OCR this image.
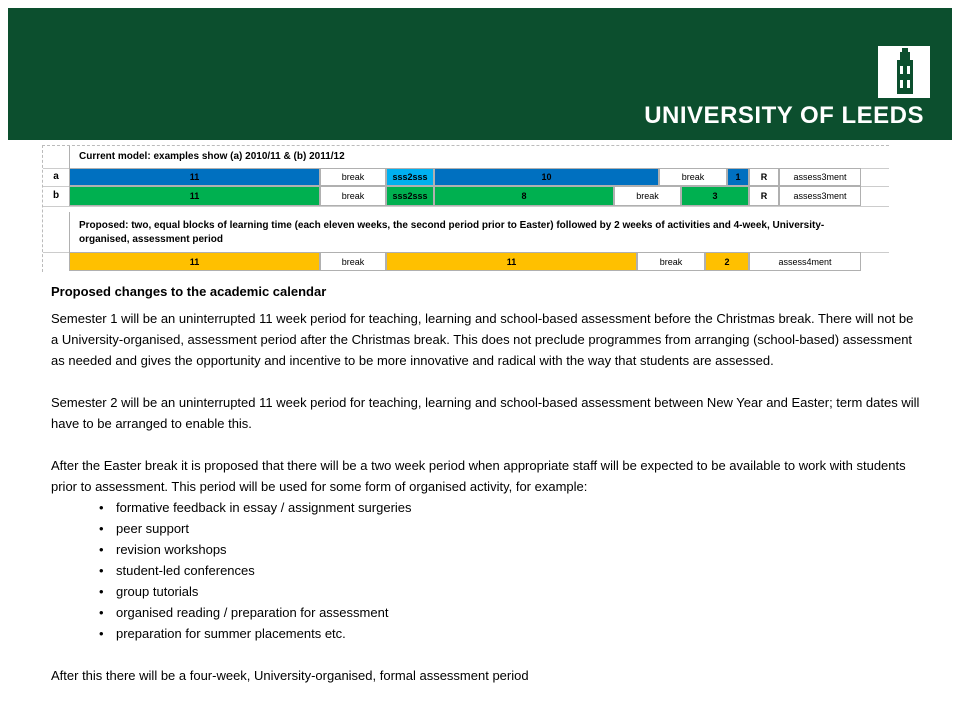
UNIVERSITY OF LEEDS
Current model: examples show (a) 2010/11 & (b) 2011/12
a	11	break	sss2sss	10	break	1	R	assess3ment
b	11	break	sss2sss	8	break	3	R	assess3ment
Proposed: two, equal blocks of learning time (each eleven weeks, the second period prior to Easter) followed by 2 weeks of activities and 4-week, University-organised, assessment period
11	break	11	break	2	assess4ment
Proposed changes to the academic calendar

Semester 1 will be an uninterrupted 11 week period for teaching, learning and school-based assessment before the Christmas break. There will not be a University-organised, assessment period after the Christmas break. This does not preclude programmes from arranging (school-based) assessment as needed and gives the opportunity and incentive to be more innovative and radical with the way that students are assessed.

Semester 2 will be an uninterrupted 11 week period for teaching, learning and school-based assessment between New Year and Easter; term dates will have to be arranged to enable this.

After the Easter break it is proposed that there will be a two week period when appropriate staff will be expected to be available to work with students prior to assessment. This period will be used for some form of organised activity, for example:

• formative feedback in essay / assignment surgeries
• peer support
• revision workshops
• student-led conferences
• group tutorials
• organised reading / preparation for assessment
• preparation for summer placements etc.

After this there will be a four-week, University-organised, formal assessment period
